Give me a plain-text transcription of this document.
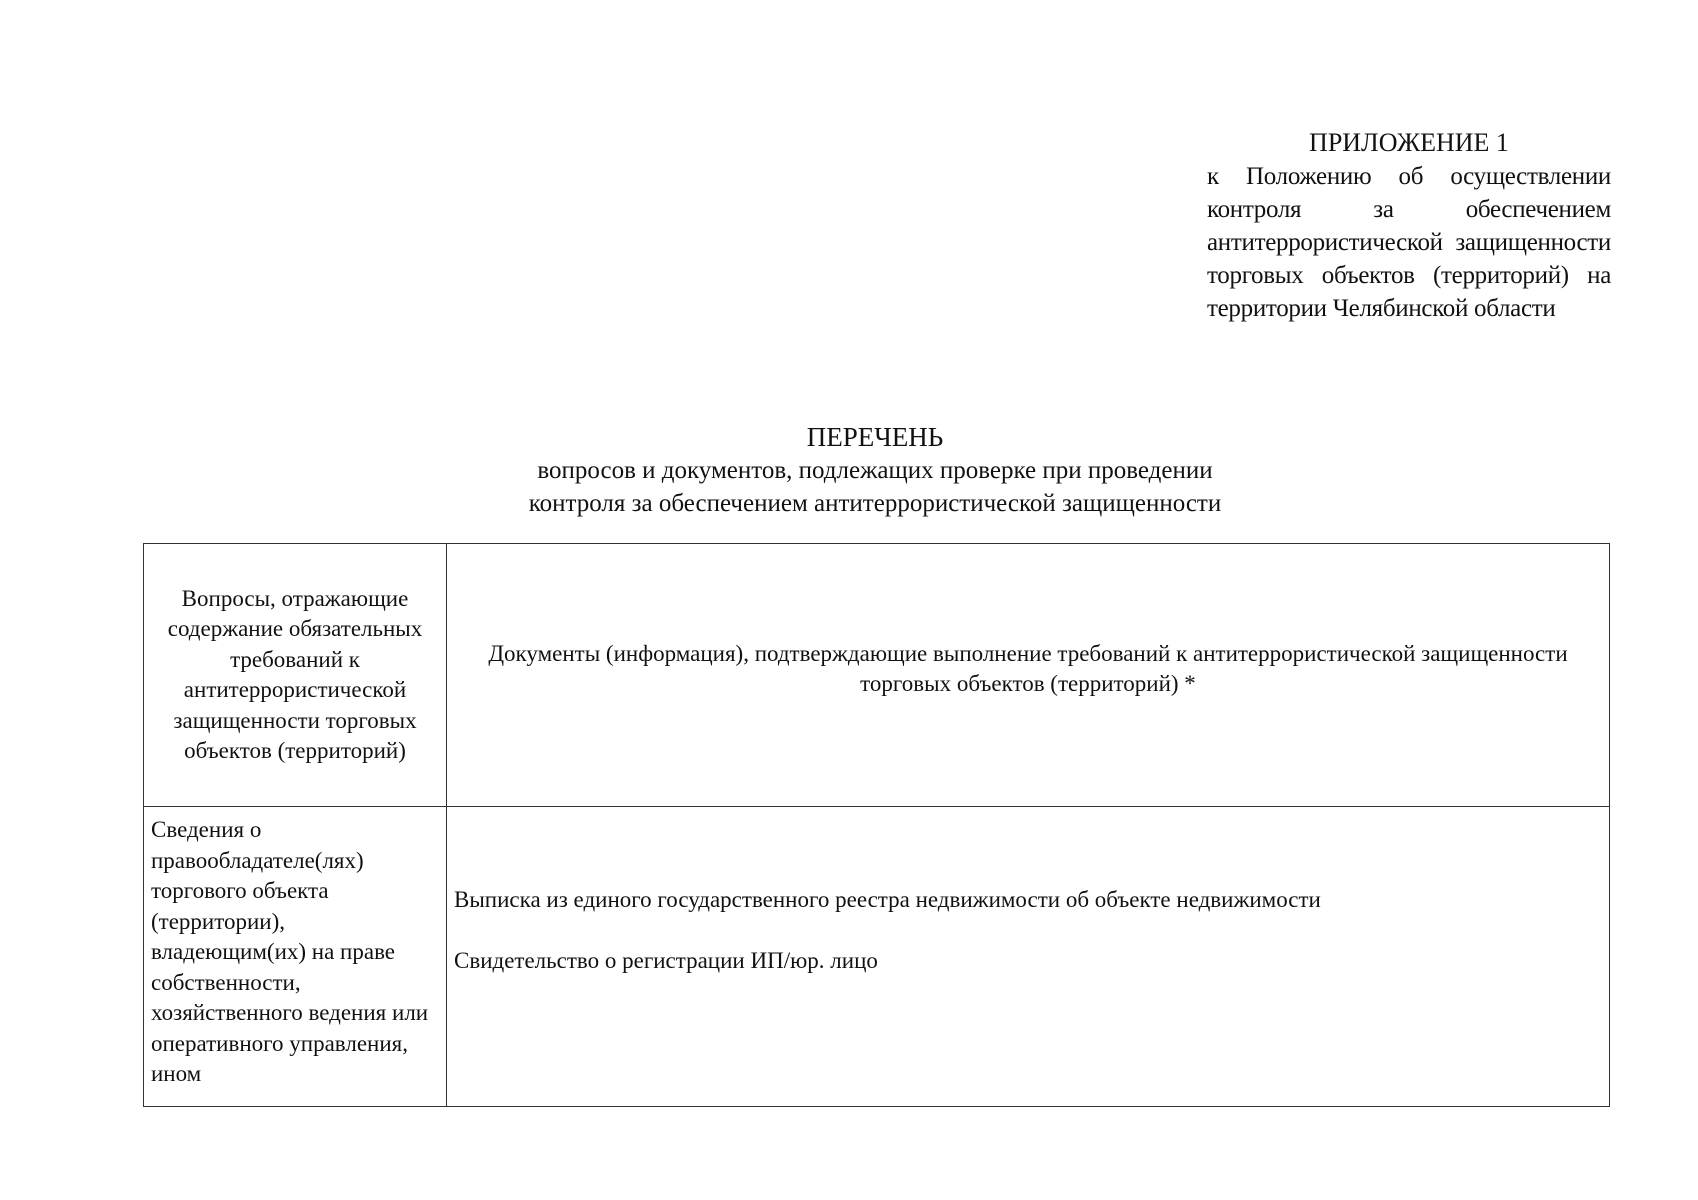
ПРИЛОЖЕНИЕ 1
к Положению об осуществлении контроля за обеспечением антитеррористической защищенности торговых объектов (территорий) на территории Челябинской области
ПЕРЕЧЕНЬ
вопросов и документов, подлежащих проверке при проведении
контроля за обеспечением антитеррористической защищенности
Вопросы, отражающие содержание обязательных требований к антитеррористической защищенности торговых объектов (территорий)	Документы (информация), подтверждающие выполнение требований к антитеррористической защищенности торговых объектов (территорий) *
Сведения о правообладателе(лях) торгового объекта (территории), владеющим(их) на праве собственности, хозяйственного ведения или оперативного управления, ином	Выписка из единого государственного реестра недвижимости об объекте недвижимости

Свидетельство о регистрации ИП/юр. лицо
